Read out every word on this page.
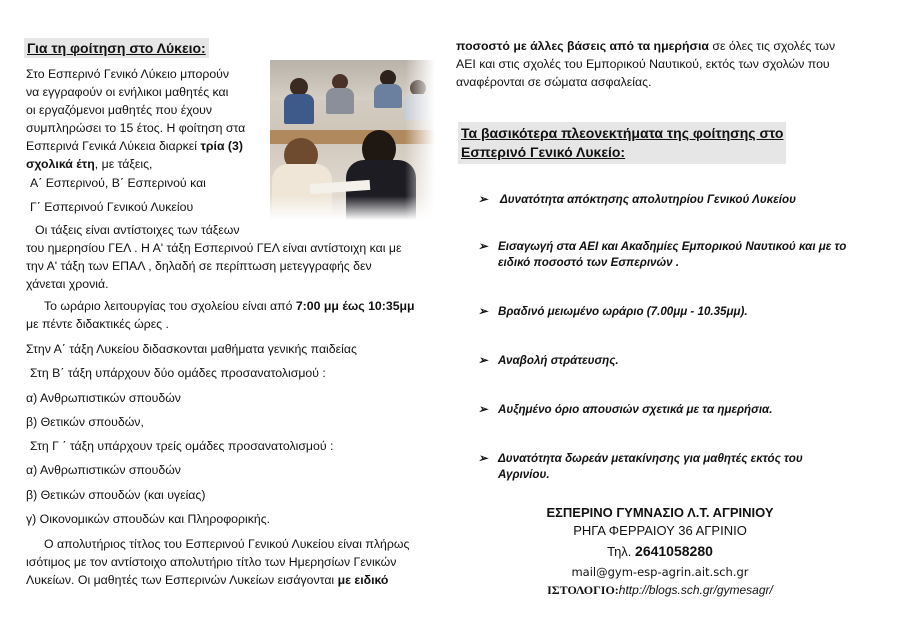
Για τη φοίτηση στο Λύκειο:
Στο Εσπερινό Γενικό Λύκειο μπορούν
να εγγραφούν οι ενήλικοι μαθητές και
οι εργαζόμενοι μαθητές που έχουν
συμπληρώσει το 15 έτος. Η φοίτηση στα
Εσπερινά Γενικά Λύκεια διαρκεί τρία (3)
σχολικά έτη, με τάξεις,
Α΄ Εσπερινού, Β΄ Εσπερινού και
Γ΄ Εσπερινού Γενικού Λυκείου
Οι τάξεις είναι αντίστοιχες των τάξεων
του ημερησίου ΓΕΛ . Η Α' τάξη Εσπερινού ΓΕΛ είναι αντίστοιχη και με
την Α' τάξη των ΕΠΑΛ , δηλαδή σε περίπτωση μετεγγραφής δεν
χάνεται χρονιά.
Το ωράριο λειτουργίας του σχολείου είναι από 7:00 μμ έως 10:35μμ
με πέντε διδακτικές ώρες .
Στην Α΄ τάξη Λυκείου διδασκονται μαθήματα γενικής παιδείας
Στη Β΄ τάξη υπάρχουν δύο ομάδες προσανατολισμού :
α) Ανθρωπιστικών σπουδών
β) Θετικών σπουδών,
Στη Γ ΄ τάξη υπάρχουν τρείς ομάδες προσανατολισμού :
α) Ανθρωπιστικών σπουδών
β) Θετικών σπουδών (και υγείας)
γ) Οικονομικών σπουδών και Πληροφορικής.
Ο απολυτήριος τίτλος του Εσπερινού Γενικού Λυκείου είναι πλήρως
ισότιμος με τον αντίστοιχο απολυτήριο τίτλο των Ημερησίων Γενικών
Λυκείων. Οι μαθητές των Εσπερινών Λυκείων εισάγονται με ειδικό
ποσοστό με άλλες βάσεις από τα ημερήσια σε όλες τις σχολές των
ΑΕΙ και στις σχολές του Εμπορικού Ναυτικού, εκτός των σχολών που
αναφέρονται σε σώματα ασφαλείας.
Τα βασικότερα πλεονεκτήματα της φοίτησης στο
Εσπερινό Γενικό Λυκείο:
➢	Δυνατότητα απόκτησης απολυτηρίου Γενικού Λυκείου
➢ Εισαγωγή στα ΑΕΙ και Ακαδημίες Εμπορικού Ναυτικού και με το ειδικό ποσοστό των Εσπερινών .
➢ Βραδινό μειωμένο ωράριο (7.00μμ - 10.35μμ).
➢ Αναβολή στράτευσης.
➢ Αυξημένο όριο απουσιών σχετικά με τα ημερήσια.
➢ Δυνατότητα δωρεάν μετακίνησης για μαθητές εκτός του Αγρινίου.
ΕΣΠΕΡΙΝΟ ΓΥΜΝΑΣΙΟ Λ.Τ. ΑΓΡΙΝΙΟΥ
ΡΗΓΑ ΦΕΡΡΑΙΟΥ 36 ΑΓΡΙΝΙΟ
Τηλ. 2641058280
mail@gym-esp-agrin.ait.sch.gr
ΙΣΤΟΛΟΓΙΟ:http://blogs.sch.gr/gymesagr/
